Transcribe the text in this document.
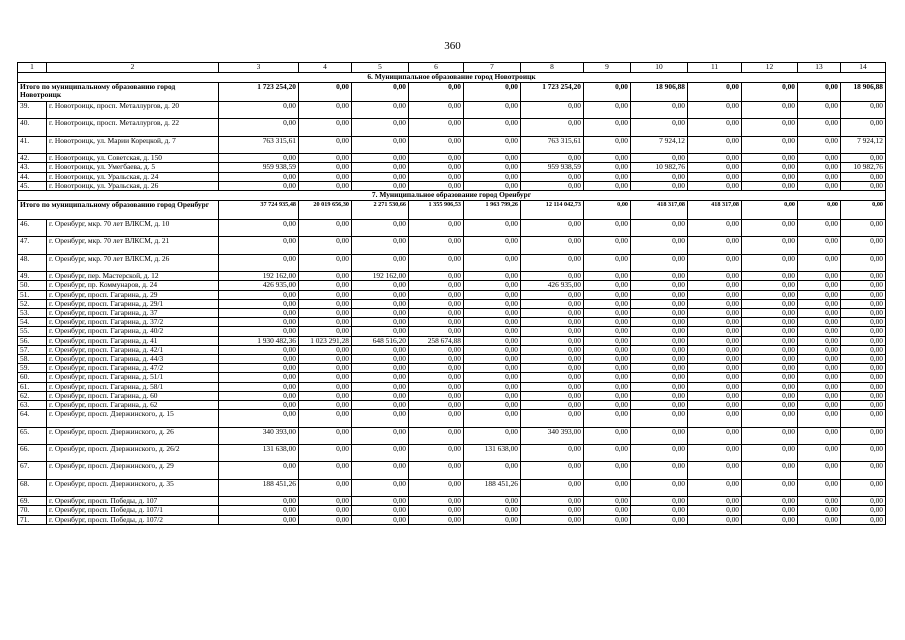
360
1	2	3	4	5	6	7	8	9	10	11	12	13	14
6. Муниципальное образование город Новотроицк													
Итого по муниципальному образованию город Новотроицк		1 723 254,20	0,00	0,00	0,00	0,00	1 723 254,20	0,00	18 906,88	0,00	0,00	0,00	18 906,88
39.	г. Новотроицк, просп. Металлургов, д. 20	0,00	0,00	0,00	0,00	0,00	0,00	0,00	0,00	0,00	0,00	0,00	0,00
40.	г. Новотроицк, просп. Металлургов, д. 22	0,00	0,00	0,00	0,00	0,00	0,00	0,00	0,00	0,00	0,00	0,00	0,00
41.	г. Новотроицк, ул. Марии Корецкой, д. 7	763 315,61	0,00	0,00	0,00	0,00	763 315,61	0,00	7 924,12	0,00	0,00	0,00	7 924,12
42.	г. Новотроицк, ул. Советская, д. 150	0,00	0,00	0,00	0,00	0,00	0,00	0,00	0,00	0,00	0,00	0,00	0,00
43.	г. Новотроицк, ул. Умегбаева, д. 5	959 938,59	0,00	0,00	0,00	0,00	959 938,59	0,00	10 982,76	0,00	0,00	0,00	10 982,76
44.	г. Новотроицк, ул. Уральская, д. 24	0,00	0,00	0,00	0,00	0,00	0,00	0,00	0,00	0,00	0,00	0,00	0,00
45.	г. Новотроицк, ул. Уральская, д. 26	0,00	0,00	0,00	0,00	0,00	0,00	0,00	0,00	0,00	0,00	0,00	0,00
7. Муниципальное образование город Оренбург													
Итого по муниципальному образованию город Оренбург		37 724 935,48	20 019 656,30	2 271 530,66	1 355 906,53	1 963 799,26	12 114 042,73	0,00	418 317,08	418 317,08	0,00	0,00	0,00
46.	г. Оренбург, мкр. 70 лет ВЛКСМ, д. 10	0,00	0,00	0,00	0,00	0,00	0,00	0,00	0,00	0,00	0,00	0,00	0,00
47.	г. Оренбург, мкр. 70 лет ВЛКСМ, д. 21	0,00	0,00	0,00	0,00	0,00	0,00	0,00	0,00	0,00	0,00	0,00	0,00
48.	г. Оренбург, мкр. 70 лет ВЛКСМ, д. 26	0,00	0,00	0,00	0,00	0,00	0,00	0,00	0,00	0,00	0,00	0,00	0,00
49.	г. Оренбург, пер. Мастерской, д. 12	192 162,00	0,00	192 162,00	0,00	0,00	0,00	0,00	0,00	0,00	0,00	0,00	0,00
50.	г. Оренбург, пр. Коммунаров, д. 24	426 935,00	0,00	0,00	0,00	0,00	426 935,00	0,00	0,00	0,00	0,00	0,00	0,00
51.	г. Оренбург, просп. Гагарина, д. 29	0,00	0,00	0,00	0,00	0,00	0,00	0,00	0,00	0,00	0,00	0,00	0,00
52.	г. Оренбург, просп. Гагарина, д. 29/1	0,00	0,00	0,00	0,00	0,00	0,00	0,00	0,00	0,00	0,00	0,00	0,00
53.	г. Оренбург, просп. Гагарина, д. 37	0,00	0,00	0,00	0,00	0,00	0,00	0,00	0,00	0,00	0,00	0,00	0,00
54.	г. Оренбург, просп. Гагарина, д. 37/2	0,00	0,00	0,00	0,00	0,00	0,00	0,00	0,00	0,00	0,00	0,00	0,00
55.	г. Оренбург, просп. Гагарина, д. 40/2	0,00	0,00	0,00	0,00	0,00	0,00	0,00	0,00	0,00	0,00	0,00	0,00
56.	г. Оренбург, просп. Гагарина, д. 41	1 930 482,36	1 023 291,28	648 516,20	258 674,88	0,00	0,00	0,00	0,00	0,00	0,00	0,00	0,00
57.	г. Оренбург, просп. Гагарина, д. 42/1	0,00	0,00	0,00	0,00	0,00	0,00	0,00	0,00	0,00	0,00	0,00	0,00
58.	г. Оренбург, просп. Гагарина, д. 44/3	0,00	0,00	0,00	0,00	0,00	0,00	0,00	0,00	0,00	0,00	0,00	0,00
59.	г. Оренбург, просп. Гагарина, д. 47/2	0,00	0,00	0,00	0,00	0,00	0,00	0,00	0,00	0,00	0,00	0,00	0,00
60.	г. Оренбург, просп. Гагарина, д. 51/1	0,00	0,00	0,00	0,00	0,00	0,00	0,00	0,00	0,00	0,00	0,00	0,00
61.	г. Оренбург, просп. Гагарина, д. 58/1	0,00	0,00	0,00	0,00	0,00	0,00	0,00	0,00	0,00	0,00	0,00	0,00
62.	г. Оренбург, просп. Гагарина, д. 60	0,00	0,00	0,00	0,00	0,00	0,00	0,00	0,00	0,00	0,00	0,00	0,00
63.	г. Оренбург, просп. Гагарина, д. 62	0,00	0,00	0,00	0,00	0,00	0,00	0,00	0,00	0,00	0,00	0,00	0,00
64.	г. Оренбург, просп. Дзержинского, д. 15	0,00	0,00	0,00	0,00	0,00	0,00	0,00	0,00	0,00	0,00	0,00	0,00
65.	г. Оренбург, просп. Дзержинского, д. 26	340 393,00	0,00	0,00	0,00	0,00	340 393,00	0,00	0,00	0,00	0,00	0,00	0,00
66.	г. Оренбург, просп. Дзержинского, д. 26/2	131 638,00	0,00	0,00	0,00	131 638,00	0,00	0,00	0,00	0,00	0,00	0,00	0,00
67.	г. Оренбург, просп. Дзержинского, д. 29	0,00	0,00	0,00	0,00	0,00	0,00	0,00	0,00	0,00	0,00	0,00	0,00
68.	г. Оренбург, просп. Дзержинского, д. 35	188 451,26	0,00	0,00	0,00	188 451,26	0,00	0,00	0,00	0,00	0,00	0,00	0,00
69.	г. Оренбург, просп. Победы, д. 107	0,00	0,00	0,00	0,00	0,00	0,00	0,00	0,00	0,00	0,00	0,00	0,00
70.	г. Оренбург, просп. Победы, д. 107/1	0,00	0,00	0,00	0,00	0,00	0,00	0,00	0,00	0,00	0,00	0,00	0,00
71.	г. Оренбург, просп. Победы, д. 107/2	0,00	0,00	0,00	0,00	0,00	0,00	0,00	0,00	0,00	0,00	0,00	0,00
